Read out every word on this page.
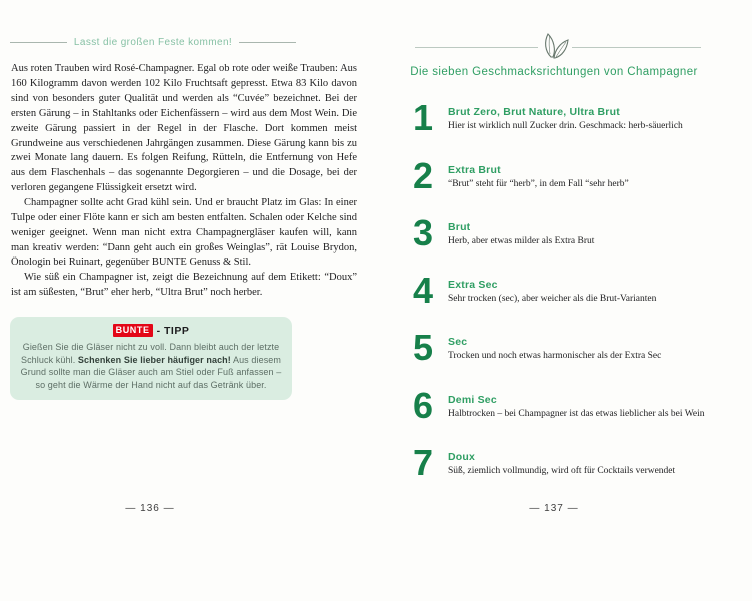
Lasst die großen Feste kommen!

Aus roten Trauben wird Rosé-Champagner. Egal ob rote oder weiße Trauben: Aus 160 Kilogramm davon werden 102 Kilo Fruchtsaft gepresst. Etwa 83 Kilo davon sind von besonders guter Qualität und werden als “Cuvée” bezeichnet. Bei der ersten Gärung – in Stahltanks oder Eichenfässern – wird aus dem Most Wein. Die zweite Gärung passiert in der Regel in der Flasche. Dort kommen meist Grundweine aus verschiedenen Jahrgängen zusammen. Diese Gärung kann bis zu zwei Monate lang dauern. Es folgen Reifung, Rütteln, die Entfernung von Hefe aus dem Flaschenhals – das sogenannte Degorgieren – und die Dosage, bei der verloren gegangene Flüssigkeit ersetzt wird.

Champagner sollte acht Grad kühl sein. Und er braucht Platz im Glas: In einer Tulpe oder einer Flöte kann er sich am besten entfalten. Schalen oder Kelche sind weniger geeignet. Wenn man nicht extra Champagnergläser kaufen will, kann man kreativ werden: “Dann geht auch ein großes Weinglas”, rät Louise Brydon, Önologin bei Ruinart, gegenüber BUNTE Genuss & Stil.

Wie süß ein Champagner ist, zeigt die Bezeichnung auf dem Etikett: “Doux” ist am süßesten, “Brut” eher herb, “Ultra Brut” noch herber.

BUNTE - TIPP
Gießen Sie die Gläser nicht zu voll. Dann bleibt auch der letzte Schluck kühl. Schenken Sie lieber häufiger nach! Aus diesem Grund sollte man die Gläser auch am Stiel oder Fuß anfassen – so geht die Wärme der Hand nicht auf das Getränk über.
— 136 —
Die sieben Geschmacksrichtungen von Champagner
1	Brut Zero, Brut Nature, Ultra Brut
Hier ist wirklich null Zucker drin. Geschmack: herb-säuerlich
2	Extra Brut
“Brut” steht für “herb”, in dem Fall “sehr herb”
3	Brut
Herb, aber etwas milder als Extra Brut
4	Extra Sec
Sehr trocken (sec), aber weicher als die Brut-Varianten
5	Sec
Trocken und noch etwas harmonischer als der Extra Sec
6	Demi Sec
Halbtrocken – bei Champagner ist das etwas lieblicher als bei Wein
7	Doux
Süß, ziemlich vollmundig, wird oft für Cocktails verwendet
— 137 —
